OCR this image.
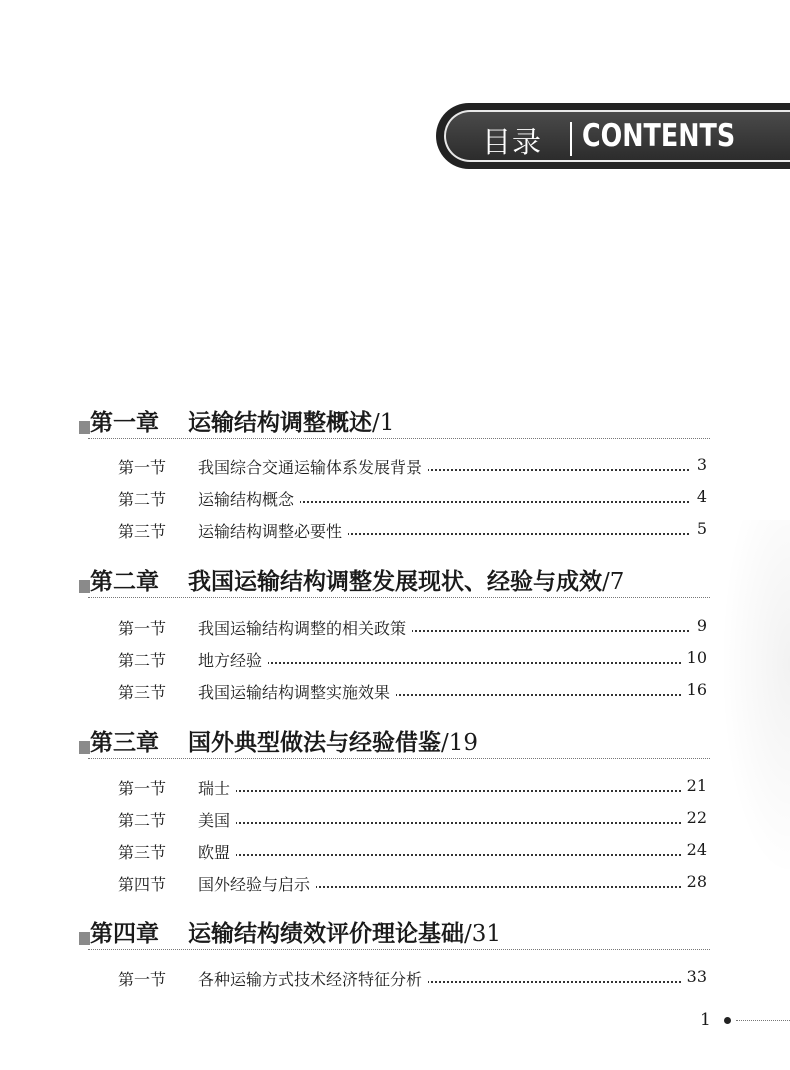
目录 CONTENTS
第一章 运输结构调整概述/1
第一节 我国综合交通运输体系发展背景	3
第二节 运输结构概念	4
第三节 运输结构调整必要性	5
第二章 我国运输结构调整发展现状、经验与成效/7
第一节 我国运输结构调整的相关政策	9
第二节 地方经验	10
第三节 我国运输结构调整实施效果	16
第三章 国外典型做法与经验借鉴/19
第一节 瑞士	21
第二节 美国	22
第三节 欧盟	24
第四节 国外经验与启示	28
第四章 运输结构绩效评价理论基础/31
第一节 各种运输方式技术经济特征分析	33
1
